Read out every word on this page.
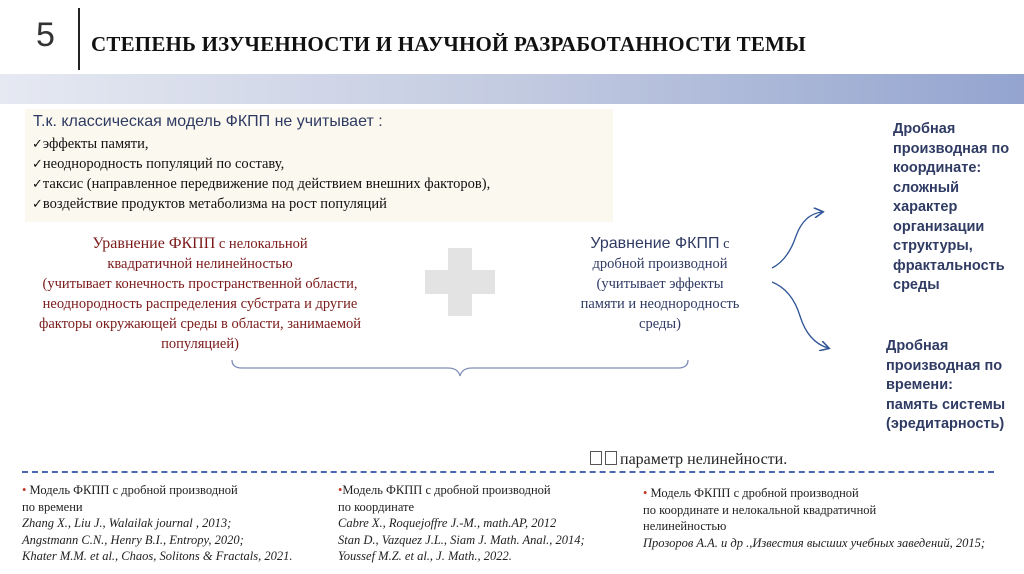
5 СТЕПЕНЬ ИЗУЧЕННОСТИ И НАУЧНОЙ РАЗРАБОТАННОСТИ ТЕМЫ
Т.к. классическая модель ФКПП не учитывает :
✓эффекты памяти,
✓неоднородность популяций по составу,
✓таксис (направленное передвижение под действием внешних факторов),
✓воздействие продуктов метаболизма на рост популяций
Уравнение ФКПП с нелокальной
квадратичной нелинейностью
(учитывает конечность пространственной области,
неоднородность распределения субстрата и другие
факторы окружающей среды в области, занимаемой
популяцией)
Уравнение ФКПП с
дробной производной
(учитывает эффекты
памяти и неоднородность
среды)
Дробная
производная по
координате:
сложный
характер
организации
структуры,
фрактальность
среды
Дробная
производная по
времени:
память системы
(эредитарность)
параметр нелинейности.
• Модель ФКПП с дробной производной
по времени
Zhang X., Liu J., Walailak journal , 2013;
Angstmann C.N., Henry B.I., Entropy, 2020;
Khater M.M. et al., Chaos, Solitons & Fractals, 2021.
•Модель ФКПП с дробной производной
по координате
Cabre X., Roquejoffre J.-M., math.AP, 2012
Stan D., Vazquez J.L., Siam J. Math. Anal., 2014;
Youssef M.Z. et al., J. Math., 2022.
• Модель ФКПП с дробной производной
по координате и нелокальной квадратичной
нелинейностью
Прозоров А.А. и др .,Известия высших учебных заведений, 2015;
